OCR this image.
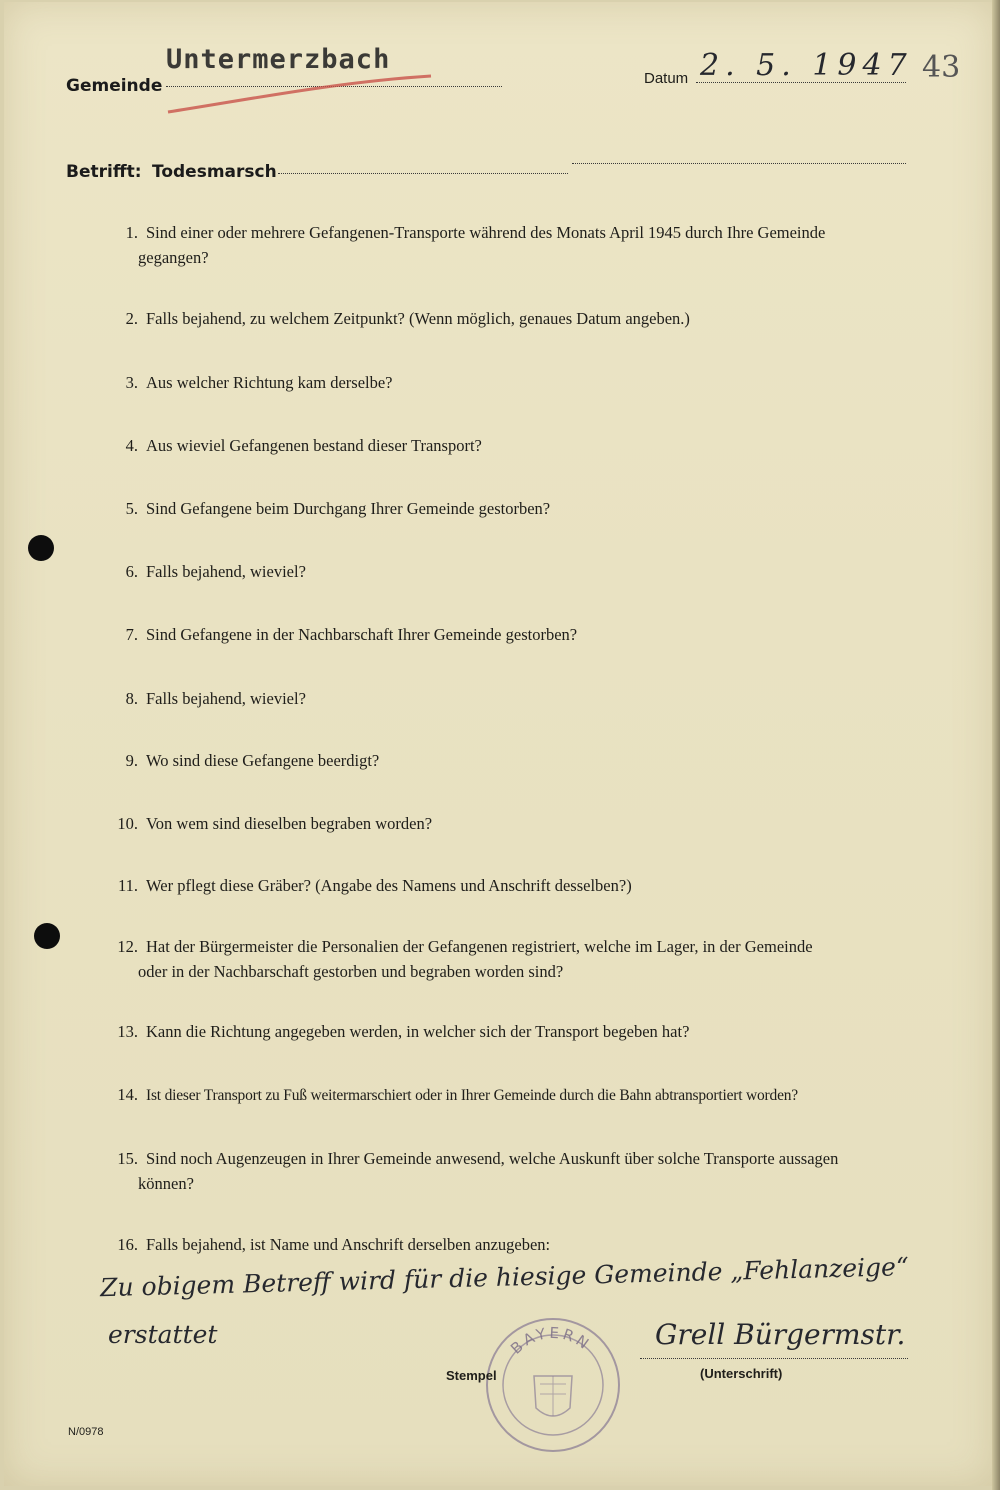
Gemeinde
Untermerzbach
Datum 2. 5. 1947 43
Betrifft: Todesmarsch
1. Sind einer oder mehrere Gefangenen-Transporte während des Monats April 1945 durch Ihre Gemeinde
gegangen?
2. Falls bejahend, zu welchem Zeitpunkt? (Wenn möglich, genaues Datum angeben.)
3. Aus welcher Richtung kam derselbe?
4. Aus wieviel Gefangenen bestand dieser Transport?
5. Sind Gefangene beim Durchgang Ihrer Gemeinde gestorben?
6. Falls bejahend, wieviel?
7. Sind Gefangene in der Nachbarschaft Ihrer Gemeinde gestorben?
8. Falls bejahend, wieviel?
9. Wo sind diese Gefangene beerdigt?
10. Von wem sind dieselben begraben worden?
11. Wer pflegt diese Gräber? (Angabe des Namens und Anschrift desselben?)
12. Hat der Bürgermeister die Personalien der Gefangenen registriert, welche im Lager, in der Gemeinde
oder in der Nachbarschaft gestorben und begraben worden sind?
13. Kann die Richtung angegeben werden, in welcher sich der Transport begeben hat?
14. Ist dieser Transport zu Fuß weitermarschiert oder in Ihrer Gemeinde durch die Bahn abtransportiert worden?
15. Sind noch Augenzeugen in Ihrer Gemeinde anwesend, welche Auskunft über solche Transporte aussagen
können?
16. Falls bejahend, ist Name und Anschrift derselben anzugeben:
Zu obigem Betreff wird für die hiesige Gemeinde „Fehlanzeige“
erstattet	BAYERN
Stempel
Grell Bürgermstr.
(Unterschrift)
N/0978
